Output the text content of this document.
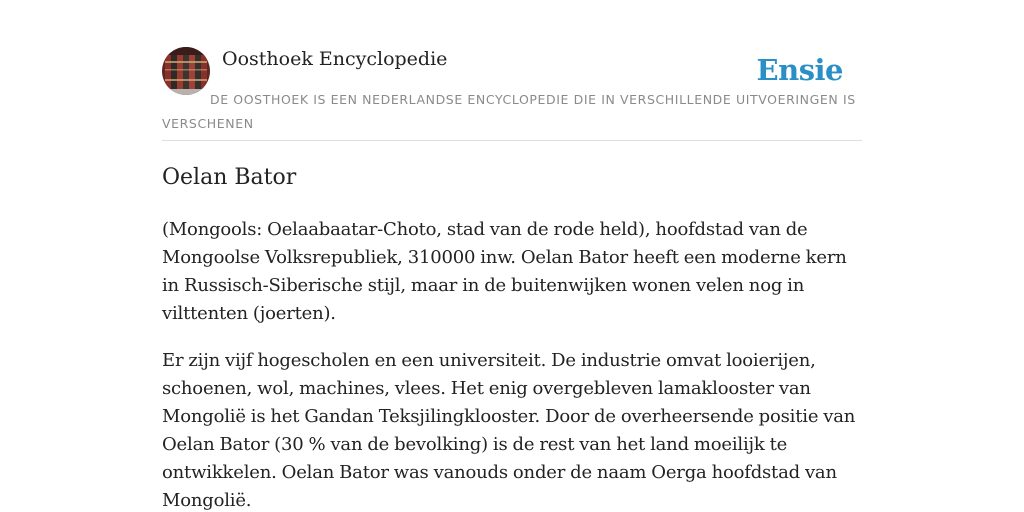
Oosthoek Encyclopedie	Ensie
DE OOSTHOEK IS EEN NEDERLANDSE ENCYCLOPEDIE DIE IN VERSCHILLENDE UITVOERINGEN IS VERSCHENEN
Oelan Bator

(Mongools: Oelaabaatar-Choto, stad van de rode held), hoofdstad van de Mongoolse Volksrepubliek, 310000 inw. Oelan Bator heeft een moderne kern in Russisch-Siberische stijl, maar in de buitenwijken wonen velen nog in vilttenten (joerten).

Er zijn vijf hogescholen en een universiteit. De industrie omvat looierijen, schoenen, wol, machines, vlees. Het enig overgebleven lamaklooster van Mongolië is het Gandan Teksjilingklooster. Door de overheersende positie van Oelan Bator (30 % van de bevolking) is de rest van het land moeilijk te ontwikkelen. Oelan Bator was vanouds onder de naam Oerga hoofdstad van Mongolië.
